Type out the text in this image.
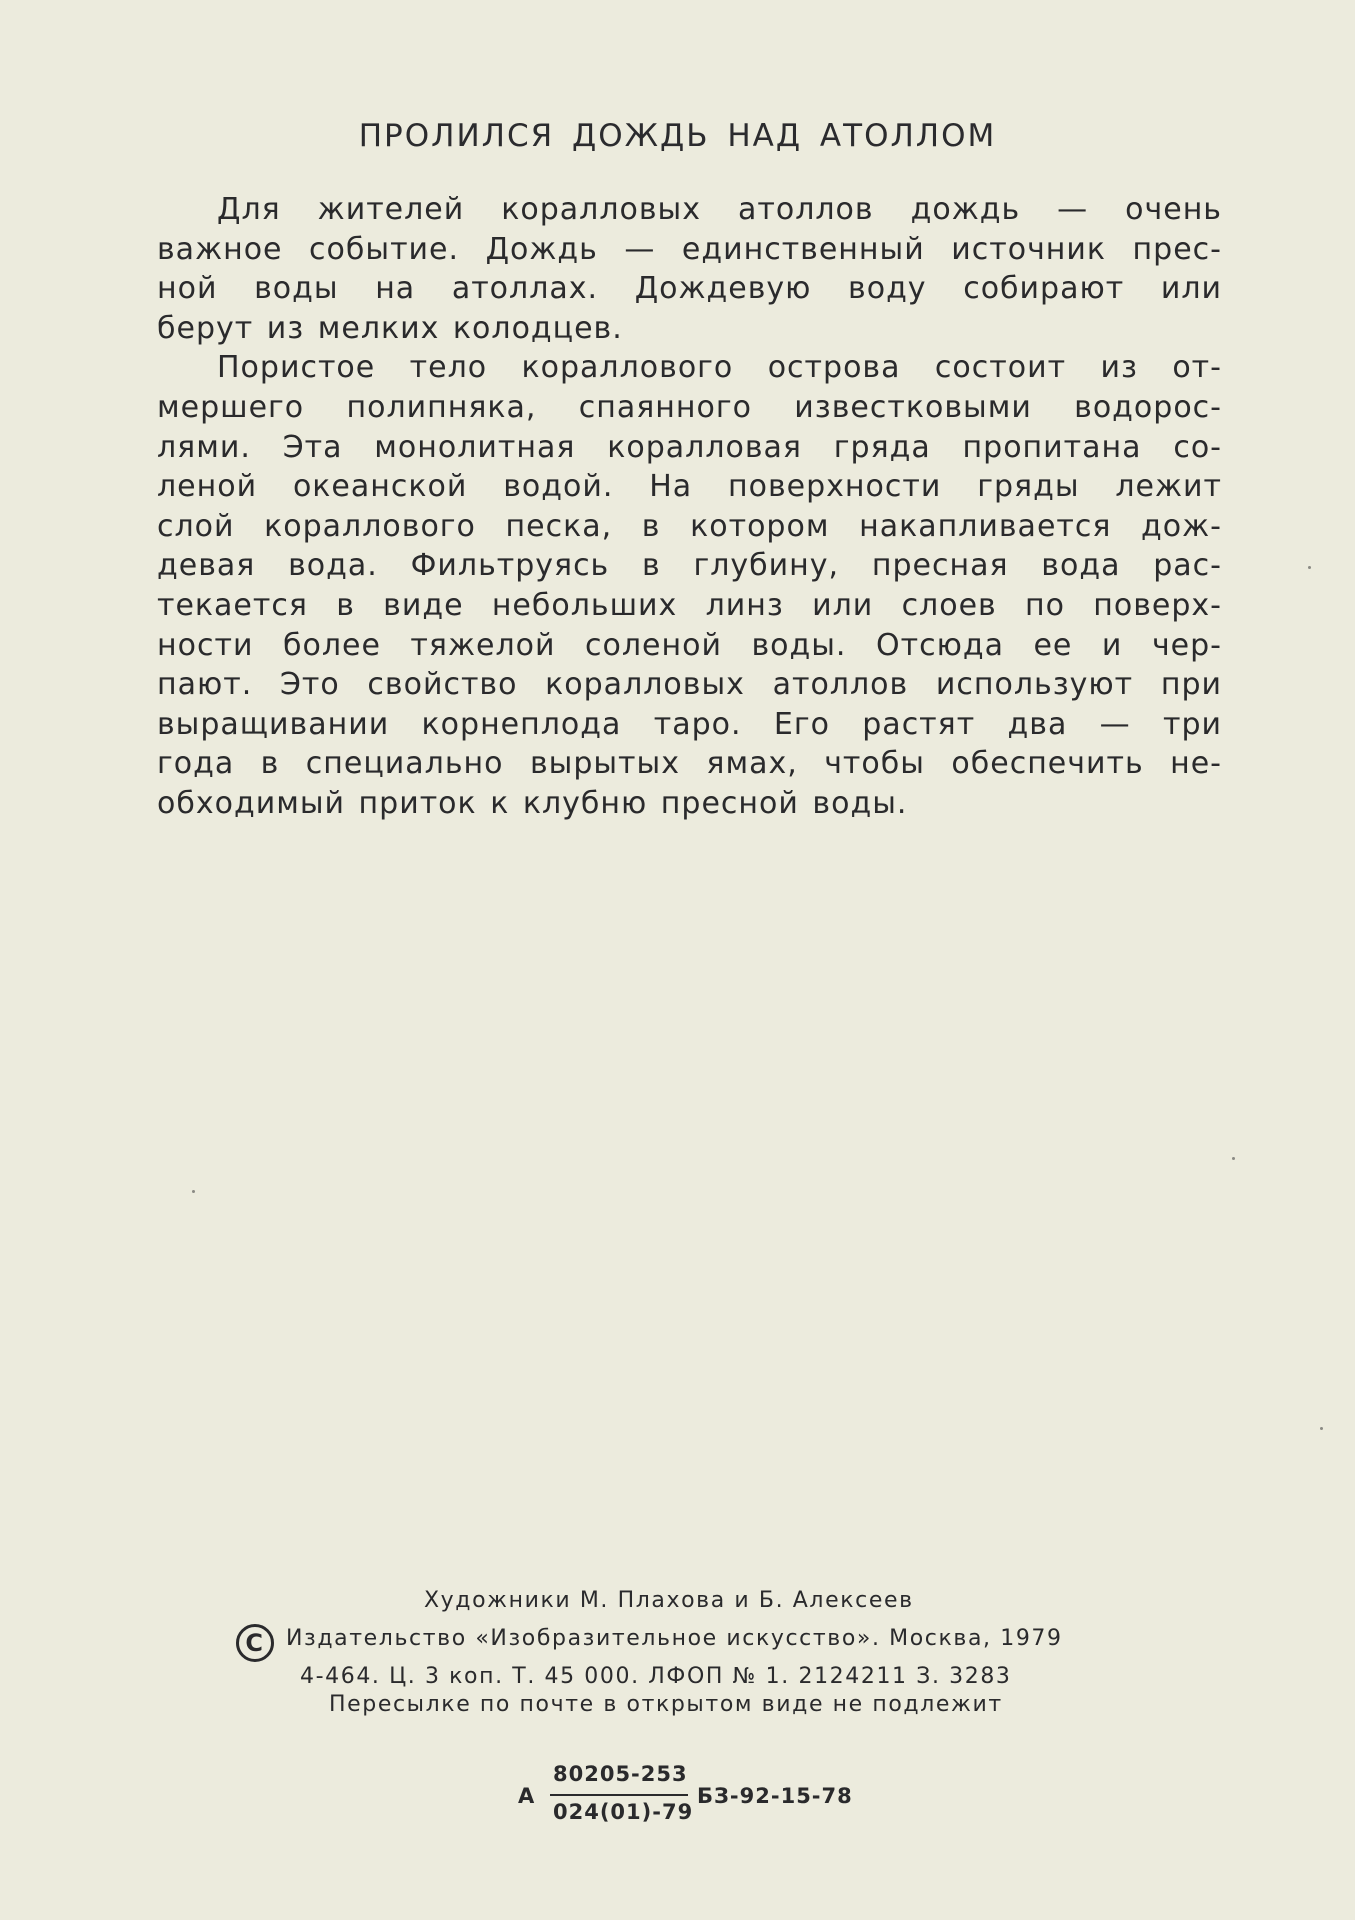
ПРОЛИЛСЯ ДОЖДЬ НАД АТОЛЛОМ
Для жителей коралловых атоллов дождь — очень
важное событие. Дождь — единственный источник прес-
ной воды на атоллах. Дождевую воду собирают или
берут из мелких колодцев.
Пористое тело кораллового острова состоит из от-
мершего полипняка, спаянного известковыми водорос-
лями. Эта монолитная коралловая гряда пропитана со-
леной океанской водой. На поверхности гряды лежит
слой кораллового песка, в котором накапливается дож-
девая вода. Фильтруясь в глубину, пресная вода рас-
текается в виде небольших линз или слоев по поверх-
ности более тяжелой соленой воды. Отсюда ее и чер-
пают. Это свойство коралловых атоллов используют при
выращивании корнеплода таро. Его растят два — три
года в специально вырытых ямах, чтобы обеспечить не-
обходимый приток к клубню пресной воды.
Художники М. Плахова и Б. Алексеев
C Издательство «Изобразительное искусство». Москва, 1979
4-464. Ц. 3 коп. Т. 45 000. ЛФОП № 1. 2124211 З. 3283
Пересылке по почте в открытом виде не подлежит
А
80205-253
024(01)-79
БЗ-92-15-78
